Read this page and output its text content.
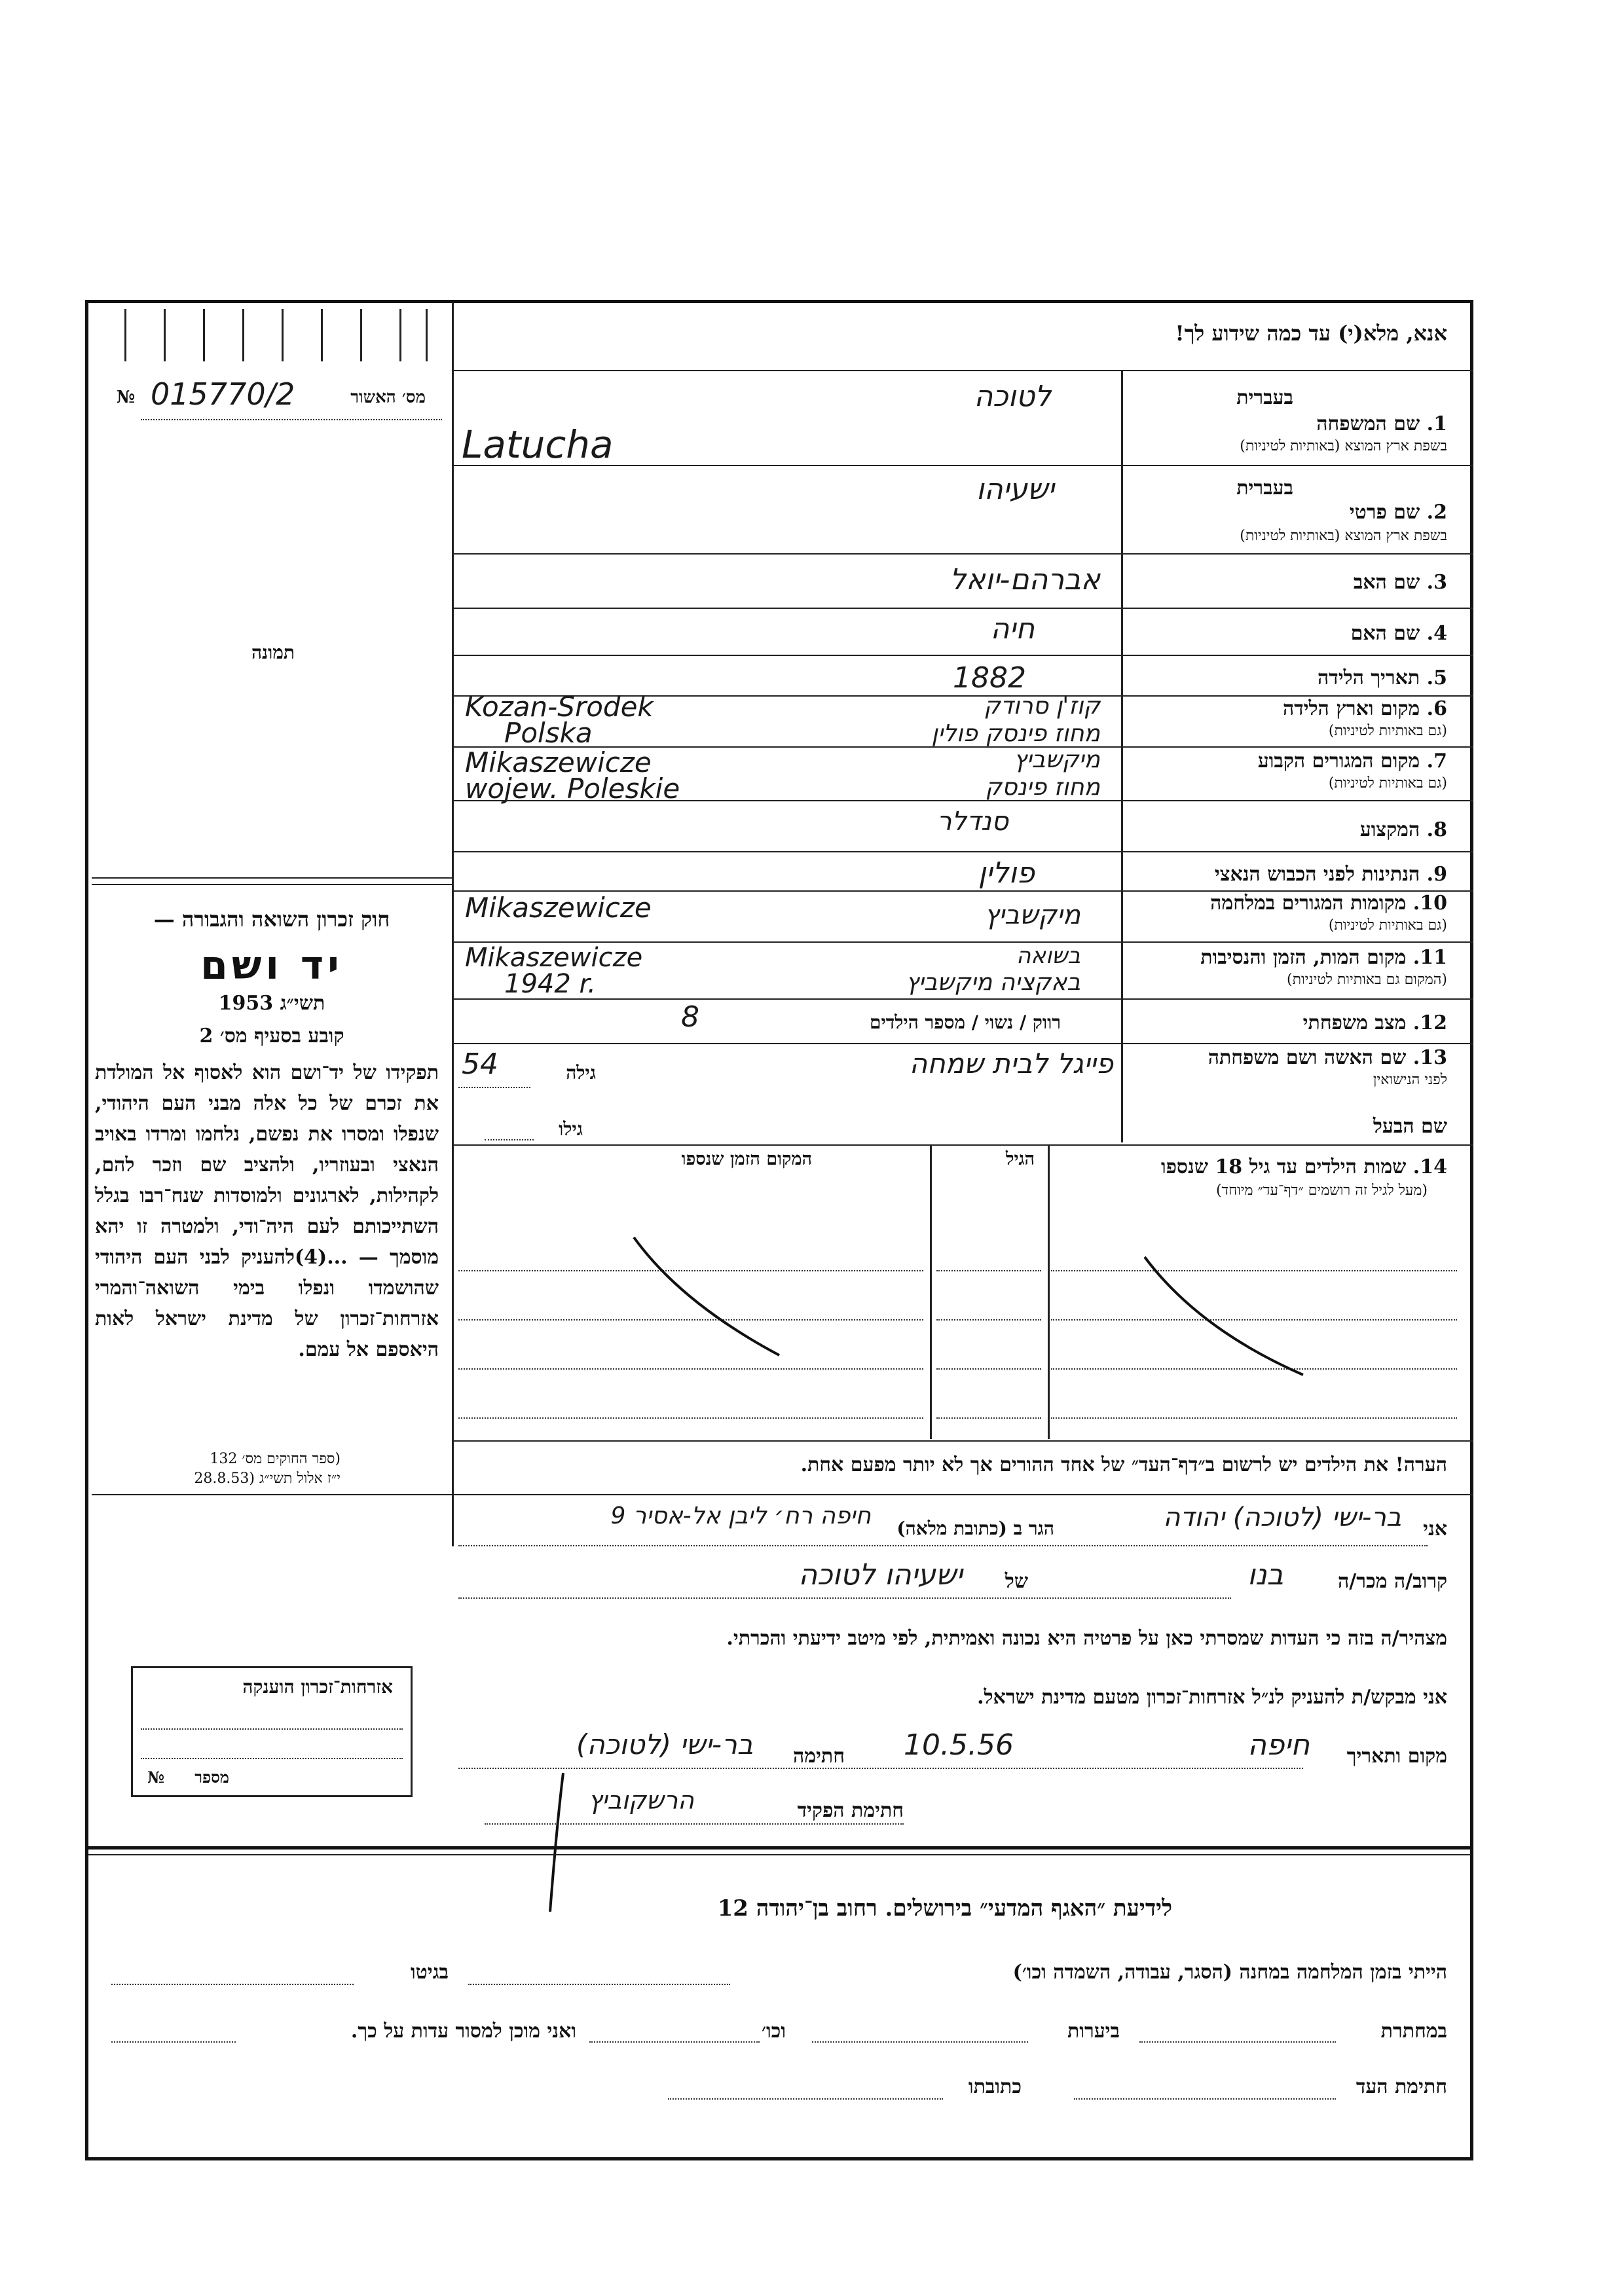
אנא, מלא(י) עד כמה שידוע לך!
מס׳ האשור
№ 015770/2
תמונה
בעברית
1. שם המשפחה
בשפת ארץ המוצא (באותיות לטיניות)
לטוכה
Latucha
בעברית
2. שם פרטי
בשפת ארץ המוצא (באותיות לטיניות)
ישעיהו
3. שם האב
אברהם-יואל
4. שם האם
חיה
5. תאריך הלידה
1882
6. מקום וארץ הלידה
(גם באותיות לטיניות)
Kozan-Srodek
Polska
קוז'ן סרודק
מחוז פינסק פולין
7. מקום המגורים הקבוע
(גם באותיות לטיניות)
Mikaszewicze
wojew. Poleskie
מיקשביץ
מחוז פינסק
8. המקצוע
סנדלר
9. הנתינות לפני הכבוש הנאצי
פולין
10. מקומות המגורים במלחמה
(גם באותיות לטיניות)
Mikaszewicze	מיקשביץ
11. מקום המות, הזמן והנסיבות
(המקום גם באותיות לטיניות)
Mikaszewicze
1942 r.
בשואה
באקציה מיקשביץ
12. מצב משפחתי
רווק / נשוי / מספר הילדים
8
13. שם האשה ושם משפחתה
לפני הנישואין
פייגל לבית שמחה
גילה
54
שם הבעל
גילו
14. שמות הילדים עד גיל 18 שנספו
(מעל לגיל זה רושמים ״דף־עד״ מיוחד)
הגיל
המקום הזמן שנספו
הערה! את הילדים יש לרשום ב״דף־העד״ של אחד ההורים אך לא יותר מפעם אחת.
חוק זכרון השואה והגבורה —
יד ושם
תשי״ג 1953
קובע בסעיף מס׳ 2
תפקידו של יד־ושם הוא לאסוף אל המולדת את זכרם של כל אלה מבני העם היהודי, שנפלו ומסרו את נפשם, נלחמו ומרדו באויב הנאצי ובעוזריו, ולהציב שם וזכר להם, לקהילות, לארגונים ולמוסדות שנח־רבו בגלל השתייכותם לעם היה־ודי, ולמטרה זו יהא מוסמך — ...(4)להעניק לבני העם היהודי שהושמדו ונפלו בימי השואה־והמרי אזרחות־זכרון של מדינת ישראל לאות היאספם אל עמם.
(ספר החוקים מס׳ 132
י״ז אלול תשי״ג (28.8.53
אני
בר-ישי (לטוכה) יהודה
הגר ב (כתובת מלאה)
חיפה רח׳ ליבן אל-אסיר 9
קרוב/ה מכר/ה
בנו
של
ישעיהו לטוכה
מצהיר/ה בזה כי העדות שמסרתי כאן על פרטיה היא נכונה ואמיתית, לפי מיטב ידיעתי והכרתי.
אני מבקש/ת להעניק לנ״ל אזרחות־זכרון מטעם מדינת ישראל.
מקום ותאריך
חיפה
10.5.56
חתימה
בר-ישי (לטוכה)
חתימת הפקיד
הרשקוביץ
אזרחות־זכרון הוענקה
מספר
№
לידיעת ״האגף המדעי״ בירושלים. רחוב בן־יהודה 12
הייתי בזמן המלחמה במחנה (הסגר, עבודה, השמדה וכו׳)
בגיטו
במחתרת
ביערות
וכו׳
ואני מוכן למסור עדות על כך.
חתימת העד
כתובתו
